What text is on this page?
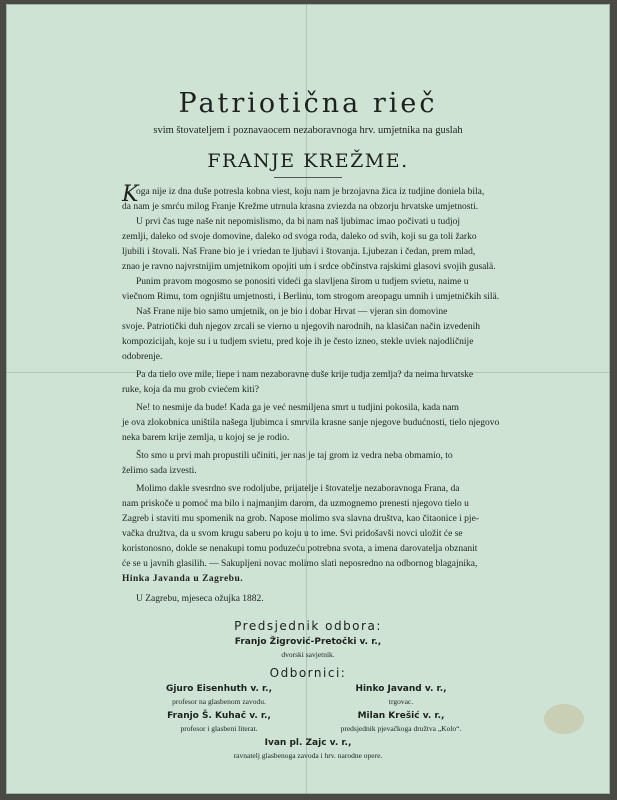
Patriotična rieč
svim štovateljem i poznavaocem nezaboravnoga hrv. umjetnika na guslah
FRANJE KREŽME.
K
oga nije iz dna duše potresla kobna viest, koju nam je brzojavna žica iz tudjine doniela bila,
da nam je smrću milog Franje Krežme utrnula krasna zviezda na obzorju hrvatske umjetnosti.
U prvi čas tuge naše nit nepomislismo, da bi nam naš ljubimac imao počivati u tudjoj
zemlji, daleko od svoje domovine, daleko od svoga roda, daleko od svih, koji su ga toli žarko
ljubili i štovali. Naš Frane bio je i vriedan te ljubavi i štovanja. Ljubezan i čedan, prem mlad,
znao je ravno najvrstnijim umjetnikom opojiti um i srdce občinstva rajskimi glasovi svojih gusalä.
Punim pravom mogosmo se ponositi videći ga slavljena širom u tudjem svietu, naime u
viečnom Rimu, tom ognjištu umjetnosti, i Berlinu, tom strogom areopagu umnih i umjetničkih silä.
Naš Frane nije bio samo umjetnik, on je bio i dobar Hrvat — vjeran sin domovine
svoje. Patriotički duh njegov zrcali se vierno u njegovih narodnih, na klasičan način izvedenih
kompozicijah, koje su i u tudjem svietu, pred koje ih je često izneo, stekle uviek najodličnije
odobrenje.
Pa da tielo ove mile, liepe i nam nezaboravne duše krije tudja zemlja? da neima hrvatske
ruke, koja da mu grob cviećem kiti?
Ne! to nesmije da bude! Kada ga je već nesmiljena smrt u tudjini pokosila, kada nam
je ova zlokobnica uništila našega ljubimca i smrvila krasne sanje njegove budućnosti, tielo njegovo
neka barem krije zemlja, u kojoj se je rodio.
Što smo u prvi mah propustili učiniti, jer nas je taj grom iz vedra neba obmamio, to
želimo sada izvesti.
Molimo dakle svesrdno sve rodoljube, prijatelje i štovatelje nezaboravnoga Frana, da
nam priskoče u pomoć ma bilo i najmanjim darom, da uzmognemo prenesti njegovo tielo u
Zagreb i staviti mu spomenik na grob. Napose molimo sva slavna društva, kao čitaonice i pje-
vačka družtva, da u svom krugu saberu po koju u to ime. Svi pridošavši novci uložit će se
koristonosno, dokle se nenakupi tomu poduzeću potrebna svota, a imena darovatelja obznanit
će se u javnih glasilih. — Sakupljeni novac molimo slati neposredno na odbornog blagajnika,
Hinka Javanda u Zagrebu.
U Zagrebu, mjeseca ožujka 1882.
Predsjednik odbora:
Franjo Žigrović-Pretočki v. r.,
dvorski savjetnik.
Odbornici:
Gjuro Eisenhuth v. r.,
profesor na glasbenom zavodu.
Hinko Javand v. r.,
trgovac.
Franjo Š. Kuhač v. r.,
profesor i glasbeni literat.
Milan Krešić v. r.,
predsjednik pjevačkoga družtva „Kolo“.
Ivan pl. Zajc v. r.,
ravnatelj glasbenoga zavoda i hrv. narodne opere.
